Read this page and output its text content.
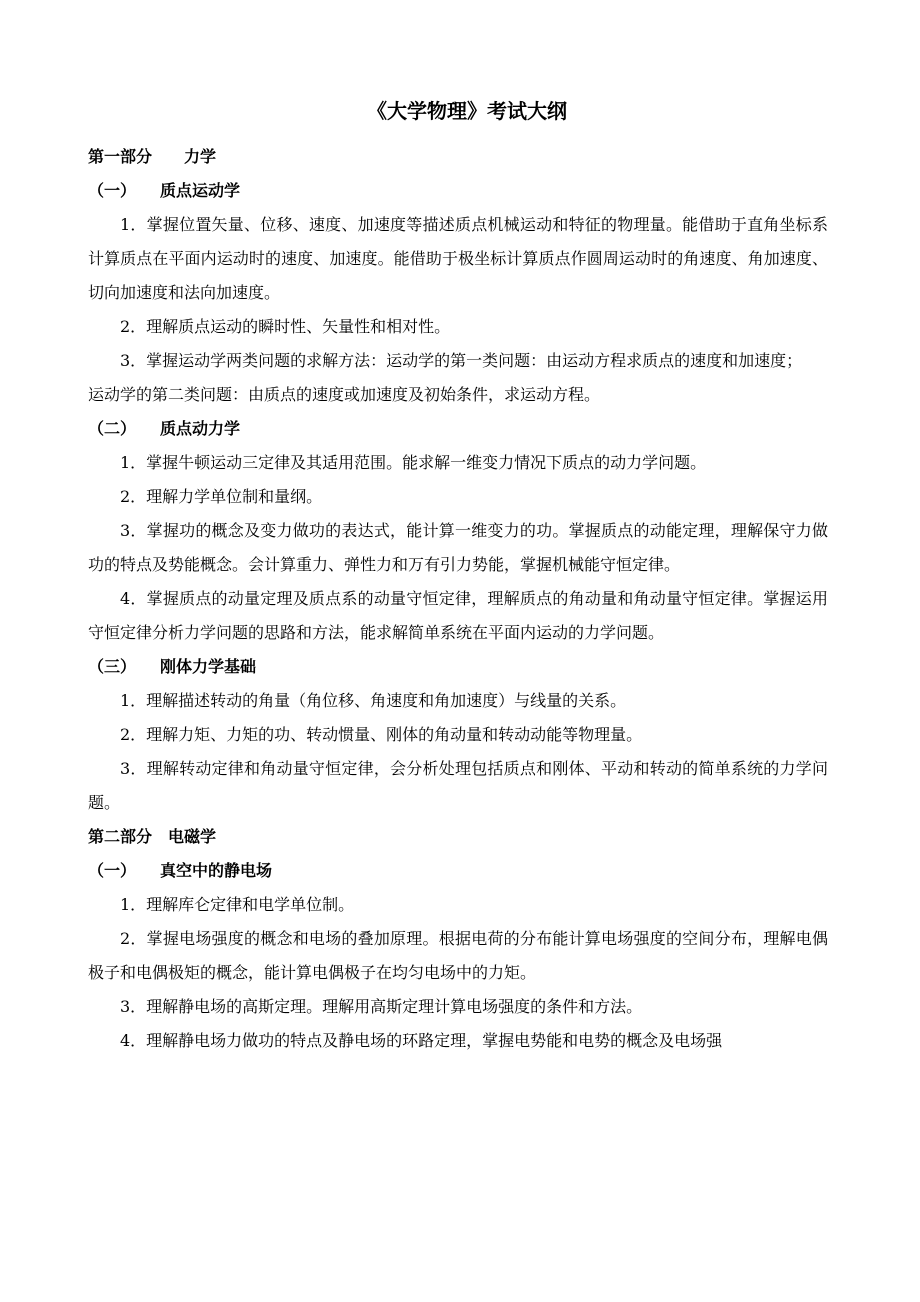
《大学物理》考试大纲
第一部分　　力学
（一） 质点运动学

1．掌握位置矢量、位移、速度、加速度等描述质点机械运动和特征的物理量。能借助于直角坐标系计算质点在平面内运动时的速度、加速度。能借助于极坐标计算质点作圆周运动时的角速度、角加速度、切向加速度和法向加速度。

2．理解质点运动的瞬时性、矢量性和相对性。

3．掌握运动学两类问题的求解方法：运动学的第一类问题：由运动方程求质点的速度和加速度；

运动学的第二类问题：由质点的速度或加速度及初始条件，求运动方程。

（二） 质点动力学

1．掌握牛顿运动三定律及其适用范围。能求解一维变力情况下质点的动力学问题。

2．理解力学单位制和量纲。

3．掌握功的概念及变力做功的表达式，能计算一维变力的功。掌握质点的动能定理，理解保守力做功的特点及势能概念。会计算重力、弹性力和万有引力势能，掌握机械能守恒定律。

4．掌握质点的动量定理及质点系的动量守恒定律，理解质点的角动量和角动量守恒定律。掌握运用守恒定律分析力学问题的思路和方法，能求解简单系统在平面内运动的力学问题。

（三） 刚体力学基础

1．理解描述转动的角量（角位移、角速度和角加速度）与线量的关系。

2．理解力矩、力矩的功、转动惯量、刚体的角动量和转动动能等物理量。

3．理解转动定律和角动量守恒定律，会分析处理包括质点和刚体、平动和转动的简单系统的力学问题。

第二部分　电磁学
（一） 真空中的静电场

1．理解库仑定律和电学单位制。

2．掌握电场强度的概念和电场的叠加原理。根据电荷的分布能计算电场强度的空间分布，理解电偶极子和电偶极矩的概念，能计算电偶极子在均匀电场中的力矩。

3．理解静电场的高斯定理。理解用高斯定理计算电场强度的条件和方法。

4．理解静电场力做功的特点及静电场的环路定理，掌握电势能和电势的概念及电场强
